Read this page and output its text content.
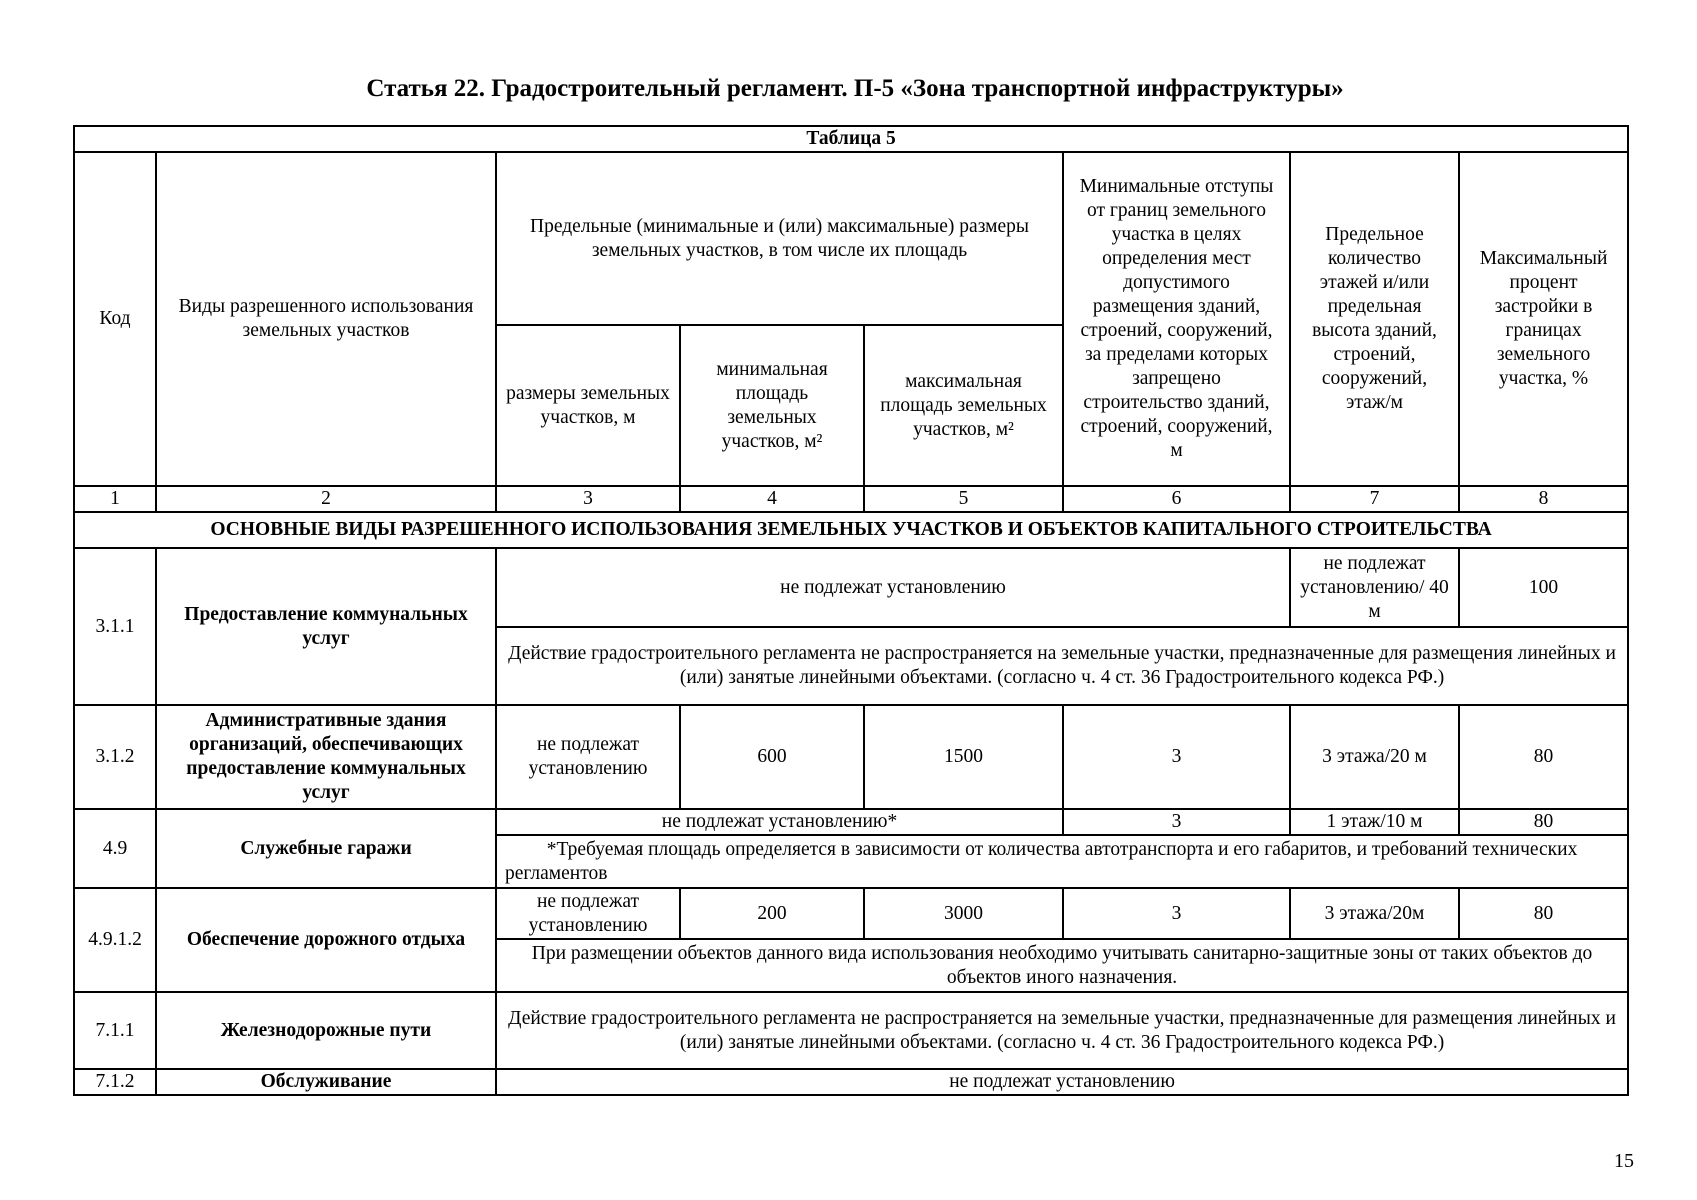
Статья 22. Градостроительный регламент. П-5 «Зона транспортной инфраструктуры»
Таблица 5							
Код	Виды разрешенного использования земельных участков	Предельные (минимальные и (или) максимальные) размеры земельных участков, в том числе их площадь			Минимальные отступы от границ земельного участка в целях определения мест допустимого размещения зданий, строений, сооружений, за пределами которых запрещено строительство зданий, строений, сооружений, м	Предельное количество этажей и/или предельная высота зданий, строений, сооружений, этаж/м	Максимальный процент застройки в границах земельного участка, %
		размеры земельных участков, м	минимальная площадь земельных участков, м²	максимальная площадь земельных участков, м²			
1	2	3	4	5	6	7	8
ОСНОВНЫЕ ВИДЫ РАЗРЕШЕННОГО ИСПОЛЬЗОВАНИЯ ЗЕМЕЛЬНЫХ УЧАСТКОВ И ОБЪЕКТОВ КАПИТАЛЬНОГО СТРОИТЕЛЬСТВА							
3.1.1	Предоставление коммунальных услуг	не подлежат установлению				не подлежат установлению/ 40 м	100
		Действие градостроительного регламента не распространяется на земельные участки, предназначенные для размещения линейных и (или) занятые линейными объектами. (согласно ч. 4 ст. 36 Градостроительного кодекса РФ.)					
3.1.2	Административные здания организаций, обеспечивающих предоставление коммунальных услуг	не подлежат установлению	600	1500	3	3 этажа/20 м	80
4.9	Служебные гаражи	не подлежат установлению*			3	1 этаж/10 м	80
		*Требуемая площадь определяется в зависимости от количества автотранспорта и его габаритов, и требований технических регламентов					
4.9.1.2	Обеспечение дорожного отдыха	не подлежат установлению	200	3000	3	3 этажа/20м	80
		При размещении объектов данного вида использования необходимо учитывать санитарно-защитные зоны от таких объектов до объектов иного назначения.					
7.1.1	Железнодорожные пути	Действие градостроительного регламента не распространяется на земельные участки, предназначенные для размещения линейных и (или) занятые линейными объектами. (согласно ч. 4 ст. 36 Градостроительного кодекса РФ.)					
7.1.2	Обслуживание	не подлежат установлению					
15
